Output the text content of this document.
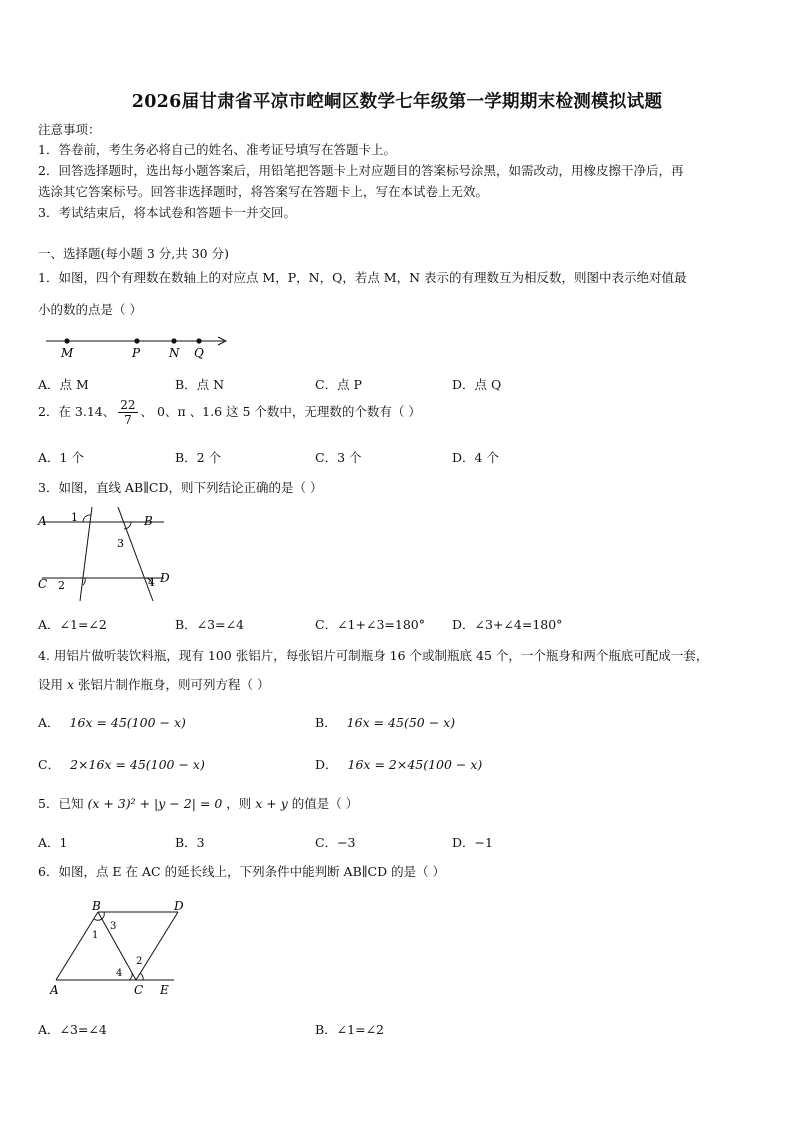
2026届甘肃省平凉市崆峒区数学七年级第一学期期末检测模拟试题
注意事项：
1．答卷前，考生务必将自己的姓名、准考证号填写在答题卡上。
2．回答选择题时，选出每小题答案后，用铅笔把答题卡上对应题目的答案标号涂黑，如需改动，用橡皮擦干净后，再
选涂其它答案标号。回答非选择题时，将答案写在答题卡上，写在本试卷上无效。
3．考试结束后，将本试卷和答题卡一并交回。
一、选择题(每小题 3 分,共 30 分)
1．如图，四个有理数在数轴上的对应点 M，P，N，Q，若点 M，N 表示的有理数互为相反数，则图中表示绝对值最
小的数的点是（ ）
M	P N Q
A．点 M	B．点 N	C．点 P	D．点 Q
2．在 3.14、 $\frac{22}{7}$ 、 0、π 、1.6 这 5 个数中，无理数的个数有（ ）
A．1 个	B．2 个	C．3 个	D．4 个
3．如图，直线 AB∥CD，则下列结论正确的是（ ）
A	B
C	D
1
2
3
4
A．∠1=∠2	B．∠3=∠4	C．∠1+∠3=180° D．∠3+∠4=180°
4. 用铝片做听装饮料瓶，现有 100 张铝片，每张铝片可制瓶身 16 个或制瓶底 45 个，一个瓶身和两个瓶底可配成一套，
设用 x 张铝片制作瓶身，则可列方程（ ）
A． 16x = 45(100 − x)	B． 16x = 45(50 − x)
C． 2×16x = 45(100 − x)	D． 16x = 2×45(100 − x)
5．已知 (x + 3)² + |y − 2| = 0 ，则 x + y 的值是（ ）
A．1	B．3	C．−3	D．−1
6．如图，点 E 在 AC 的延长线上，下列条件中能判断 AB∥CD 的是（ ）
B	D
A	C E
1
2
3
4
A．∠3=∠4	B．∠1=∠2
